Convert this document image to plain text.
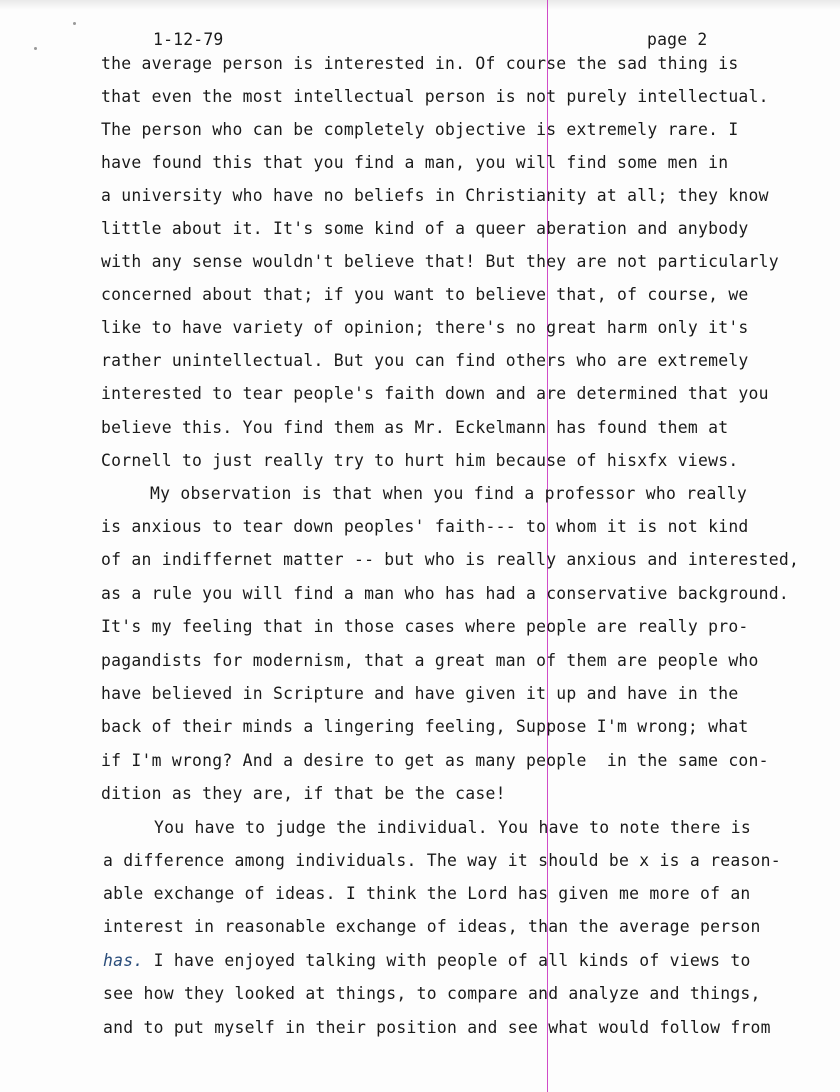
1-12-79	page 2
the average person is interested in. Of course the sad thing is
that even the most intellectual person is not purely intellectual.
The person who can be completely objective is extremely rare. I
have found this that you find a man, you will find some men in
a university who have no beliefs in Christianity at all; they know
little about it. It's some kind of a queer aberation and anybody
with any sense wouldn't believe that! But they are not particularly
concerned about that; if you want to believe that, of course, we
like to have variety of opinion; there's no great harm only it's
rather unintellectual. But you can find others who are extremely
interested to tear people's faith down and are determined that you
believe this. You find them as Mr. Eckelmann has found them at
Cornell to just really try to hurt him because of hisxfx views.
My observation is that when you find a professor who really
is anxious to tear down peoples' faith--- to whom it is not kind
of an indiffernet matter -- but who is really anxious and interested,
as a rule you will find a man who has had a conservative background.
It's my feeling that in those cases where people are really pro-
pagandists for modernism, that a great man of them are people who
have believed in Scripture and have given it up and have in the
back of their minds a lingering feeling, Suppose I'm wrong; what
if I'm wrong? And a desire to get as many people  in the same con-
dition as they are, if that be the case!
You have to judge the individual. You have to note there is
a difference among individuals. The way it should be x is a reason-
able exchange of ideas. I think the Lord has given me more of an
interest in reasonable exchange of ideas, than the average person
has. I have enjoyed talking with people of all kinds of views to
see how they looked at things, to compare and analyze and things,
and to put myself in their position and see what would follow from
